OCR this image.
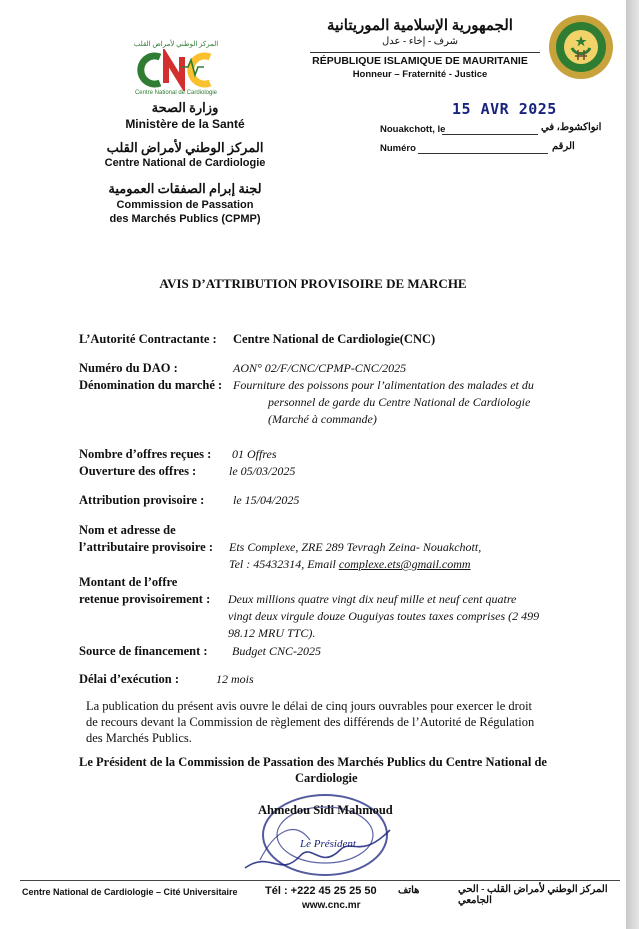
المركز الوطني لأمراض القلب
Centre National de Cardiologie
وزارة الصحة
Ministère de la Santé
المركز الوطني لأمراض القلب
Centre National de Cardiologie
لجنة إبرام الصفقات العمومية
Commission de Passation
des Marchés Publics (CPMP)
الجمهورية الإسلامية الموريتانية
شرف - إخاء - عدل
RÉPUBLIQUE ISLAMIQUE DE MAURITANIE
Honneur – Fraternité - Justice
Nouakchott, le	انواكشوط، في
15 AVR 2025
Numéro	الرقم
AVIS D’ATTRIBUTION PROVISOIRE DE MARCHE
L’Autorité Contractante : Centre National de Cardiologie(CNC)
Numéro du DAO :	AON° 02/F/CNC/CPMP-CNC/2025
Dénomination du marché : Fourniture des poissons pour l’alimentation des malades et du
personnel de garde du Centre National de Cardiologie
(Marché à commande)
Nombre d’offres reçues : 01 Offres
Ouverture des offres :	le 05/03/2025
Attribution provisoire : le 15/04/2025
Nom et adresse de
l’attributaire provisoire : Ets Complexe, ZRE 289 Tevragh Zeina- Nouakchott,
Tel : 45432314, Email complexe.ets@gmail.comm
Montant de l’offre
retenue provisoirement : Deux millions quatre vingt dix neuf mille et neuf cent quatre
vingt deux virgule douze Ouguiyas toutes taxes comprises (2 499
98.12 MRU TTC).
Source de financement : Budget CNC-2025
Délai d’exécution :	12 mois
La publication du présent avis ouvre le délai de cinq jours ouvrables pour exercer le droit
de recours devant la Commission de règlement des différends de l’Autorité de Régulation
des Marchés Publics.
Le Président de la Commission de Passation des Marchés Publics du Centre National de
Cardiologie
Ahmedou Sidi Mahmoud
Le Président
Centre National de Cardiologie – Cité Universitaire Tél : +222 45 25 25 50 هاتف	المركز الوطني لأمراض القلب - الحي الجامعي
www.cnc.mr
